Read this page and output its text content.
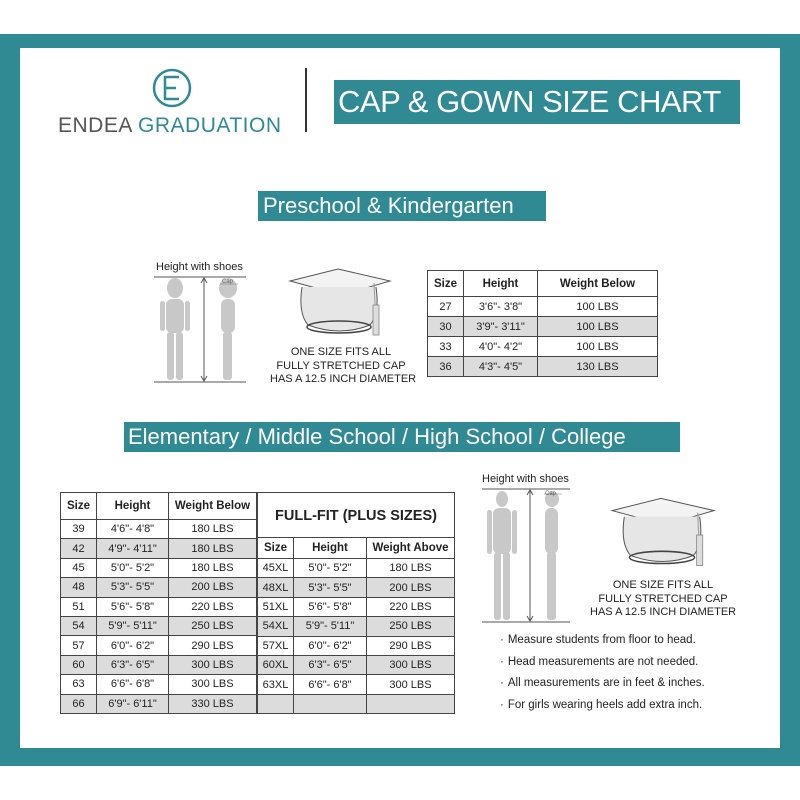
ENDEA GRADUATION
CAP & GOWN SIZE CHART
Preschool & Kindergarten
Height with shoes
Cap
ONE SIZE FITS ALL
FULLY STRETCHED CAP
HAS A 12.5 INCH DIAMETER
Size	Height	Weight Below
27	3'6"- 3'8"	100 LBS
30	3'9"- 3'11"	100 LBS
33	4'0"- 4'2"	100 LBS
36	4'3"- 4'5"	130 LBS
Elementary / Middle School / High School / College
Size	Height	Weight Below
39	4'6"- 4'8"	180 LBS
42	4'9"- 4'11"	180 LBS
45	5'0"- 5'2"	180 LBS
48	5'3"- 5'5"	200 LBS
51	5'6"- 5'8"	220 LBS
54	5'9"- 5'11"	250 LBS
57	6'0"- 6'2"	290 LBS
60	6'3"- 6'5"	300 LBS
63	6'6"- 6'8"	300 LBS
66	6'9"- 6'11"	330 LBS
FULL-FIT (PLUS SIZES)
Size	Height	Weight Above
45XL	5'0"- 5'2"	180 LBS
48XL	5'3"- 5'5"	200 LBS
51XL	5'6"- 5'8"	220 LBS
54XL	5'9"- 5'11"	250 LBS
57XL	6'0"- 6'2"	290 LBS
60XL	6'3"- 6'5"	300 LBS
63XL	6'6"- 6'8"	300 LBS

Height with shoes
Cap
ONE SIZE FITS ALL
FULLY STRETCHED CAP
HAS A 12.5 INCH DIAMETER
· Measure students from floor to head.
· Head measurements are not needed.
· All measurements are in feet & inches.
· For girls wearing heels add extra inch.
